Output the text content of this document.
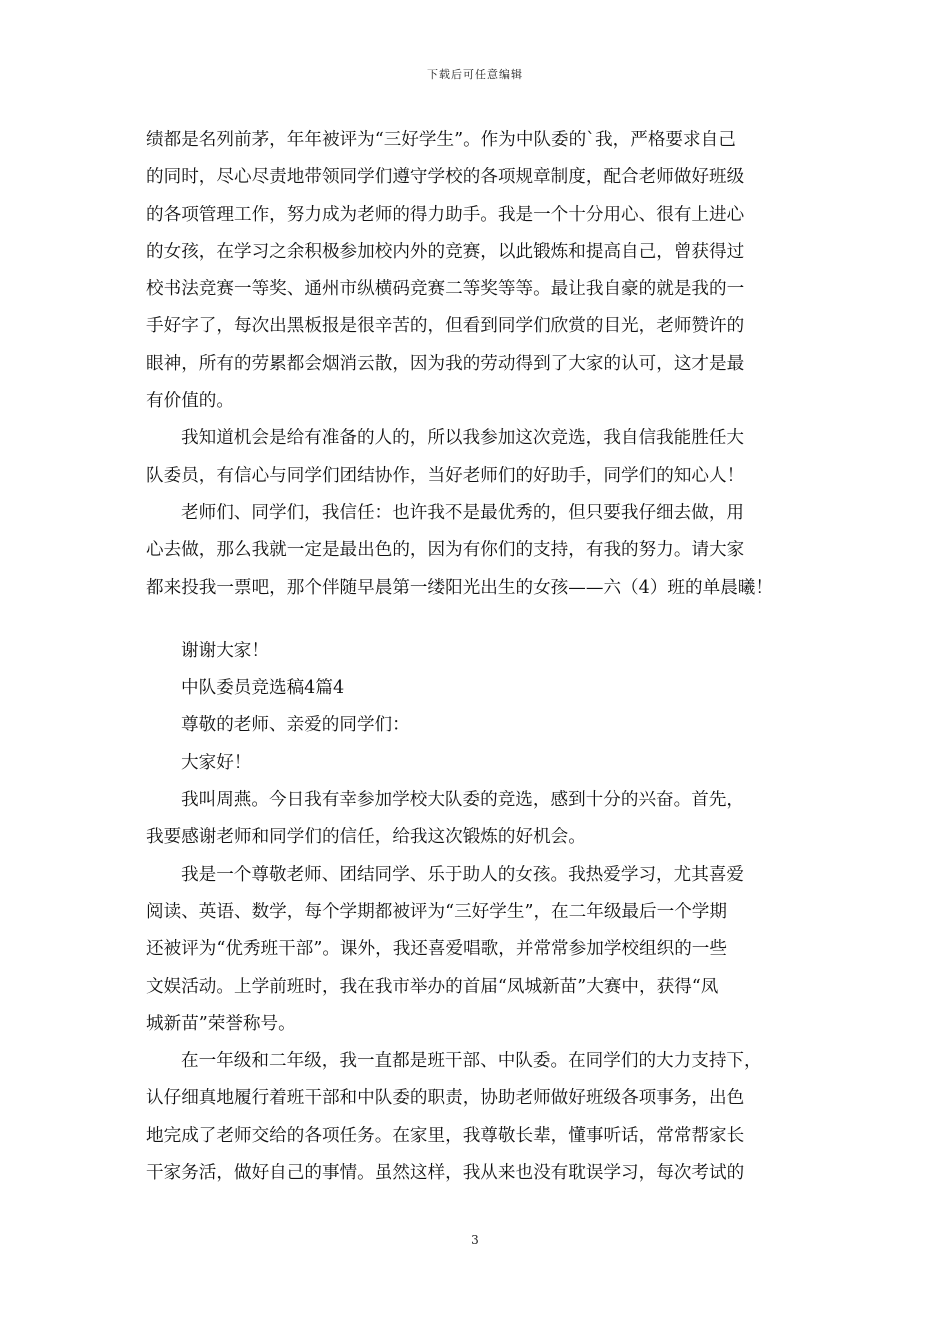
下载后可任意编辑

绩都是名列前茅，年年被评为“三好学生”。作为中队委的`我，严格要求自己
的同时，尽心尽责地带领同学们遵守学校的各项规章制度，配合老师做好班级
的各项管理工作，努力成为老师的得力助手。我是一个十分用心、很有上进心
的女孩，在学习之余积极参加校内外的竞赛，以此锻炼和提高自己，曾获得过
校书法竞赛一等奖、通州市纵横码竞赛二等奖等等。最让我自豪的就是我的一
手好字了，每次出黑板报是很辛苦的，但看到同学们欣赏的目光，老师赞许的
眼神，所有的劳累都会烟消云散，因为我的劳动得到了大家的认可，这才是最
有价值的。

我知道机会是给有准备的人的，所以我参加这次竞选，我自信我能胜任大
队委员，有信心与同学们团结协作，当好老师们的好助手，同学们的知心人！

老师们、同学们，我信任：也许我不是最优秀的，但只要我仔细去做，用
心去做，那么我就一定是最出色的，因为有你们的支持，有我的努力。请大家
都来投我一票吧，那个伴随早晨第一缕阳光出生的女孩——六（4）班的单晨曦！

谢谢大家！

中队委员竞选稿4篇4

尊敬的老师、亲爱的同学们：

大家好！

我叫周燕。今日我有幸参加学校大队委的竞选，感到十分的兴奋。首先，
我要感谢老师和同学们的信任，给我这次锻炼的好机会。

我是一个尊敬老师、团结同学、乐于助人的女孩。我热爱学习，尤其喜爱
阅读、英语、数学，每个学期都被评为“三好学生”，在二年级最后一个学期
还被评为“优秀班干部”。课外，我还喜爱唱歌，并常常参加学校组织的一些
文娱活动。上学前班时，我在我市举办的首届“凤城新苗”大赛中，获得“凤
城新苗”荣誉称号。

在一年级和二年级，我一直都是班干部、中队委。在同学们的大力支持下，
认仔细真地履行着班干部和中队委的职责，协助老师做好班级各项事务，出色
地完成了老师交给的各项任务。在家里，我尊敬长辈，懂事听话，常常帮家长
干家务活，做好自己的事情。虽然这样，我从来也没有耽误学习，每次考试的

3
